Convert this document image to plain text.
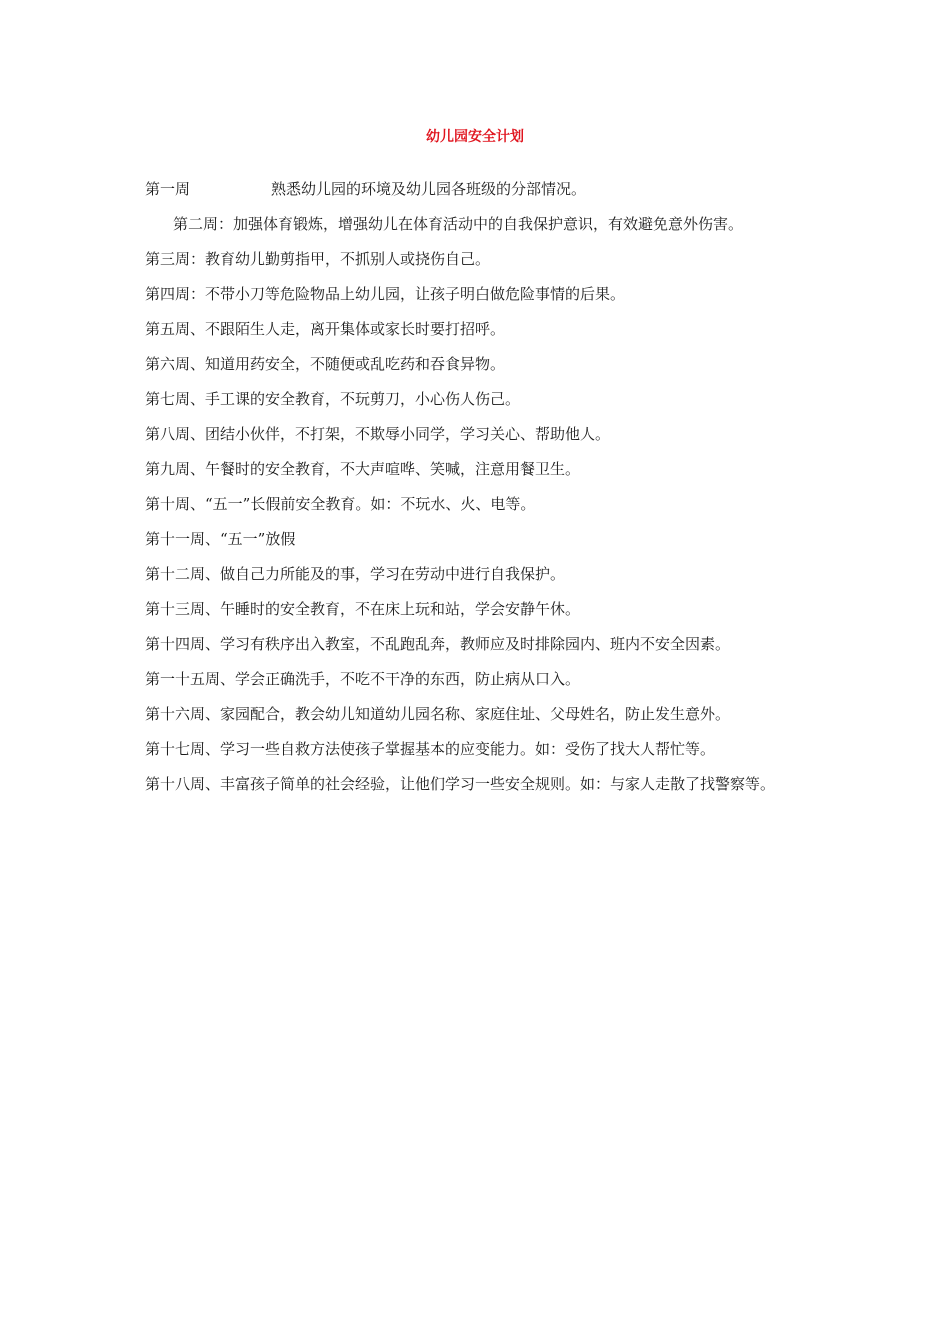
幼儿园安全计划
第一周	熟悉幼儿园的环境及幼儿园各班级的分部情况。
第二周：加强体育锻炼，增强幼儿在体育活动中的自我保护意识，有效避免意外伤害。
第三周：教育幼儿勤剪指甲，不抓别人或挠伤自己。
第四周：不带小刀等危险物品上幼儿园，让孩子明白做危险事情的后果。
第五周、不跟陌生人走，离开集体或家长时要打招呼。
第六周、知道用药安全，不随便或乱吃药和吞食异物。
第七周、手工课的安全教育，不玩剪刀，小心伤人伤己。
第八周、团结小伙伴，不打架，不欺辱小同学，学习关心、帮助他人。
第九周、午餐时的安全教育，不大声喧哗、笑喊，注意用餐卫生。
第十周、“五一”长假前安全教育。如：不玩水、火、电等。
第十一周、“五一”放假
第十二周、做自己力所能及的事，学习在劳动中进行自我保护。
第十三周、午睡时的安全教育，不在床上玩和站，学会安静午休。
第十四周、学习有秩序出入教室，不乱跑乱奔，教师应及时排除园内、班内不安全因素。
第一十五周、学会正确洗手，不吃不干净的东西，防止病从口入。
第十六周、家园配合，教会幼儿知道幼儿园名称、家庭住址、父母姓名，防止发生意外。
第十七周、学习一些自救方法使孩子掌握基本的应变能力。如：受伤了找大人帮忙等。
第十八周、丰富孩子简单的社会经验，让他们学习一些安全规则。如：与家人走散了找警察等。
